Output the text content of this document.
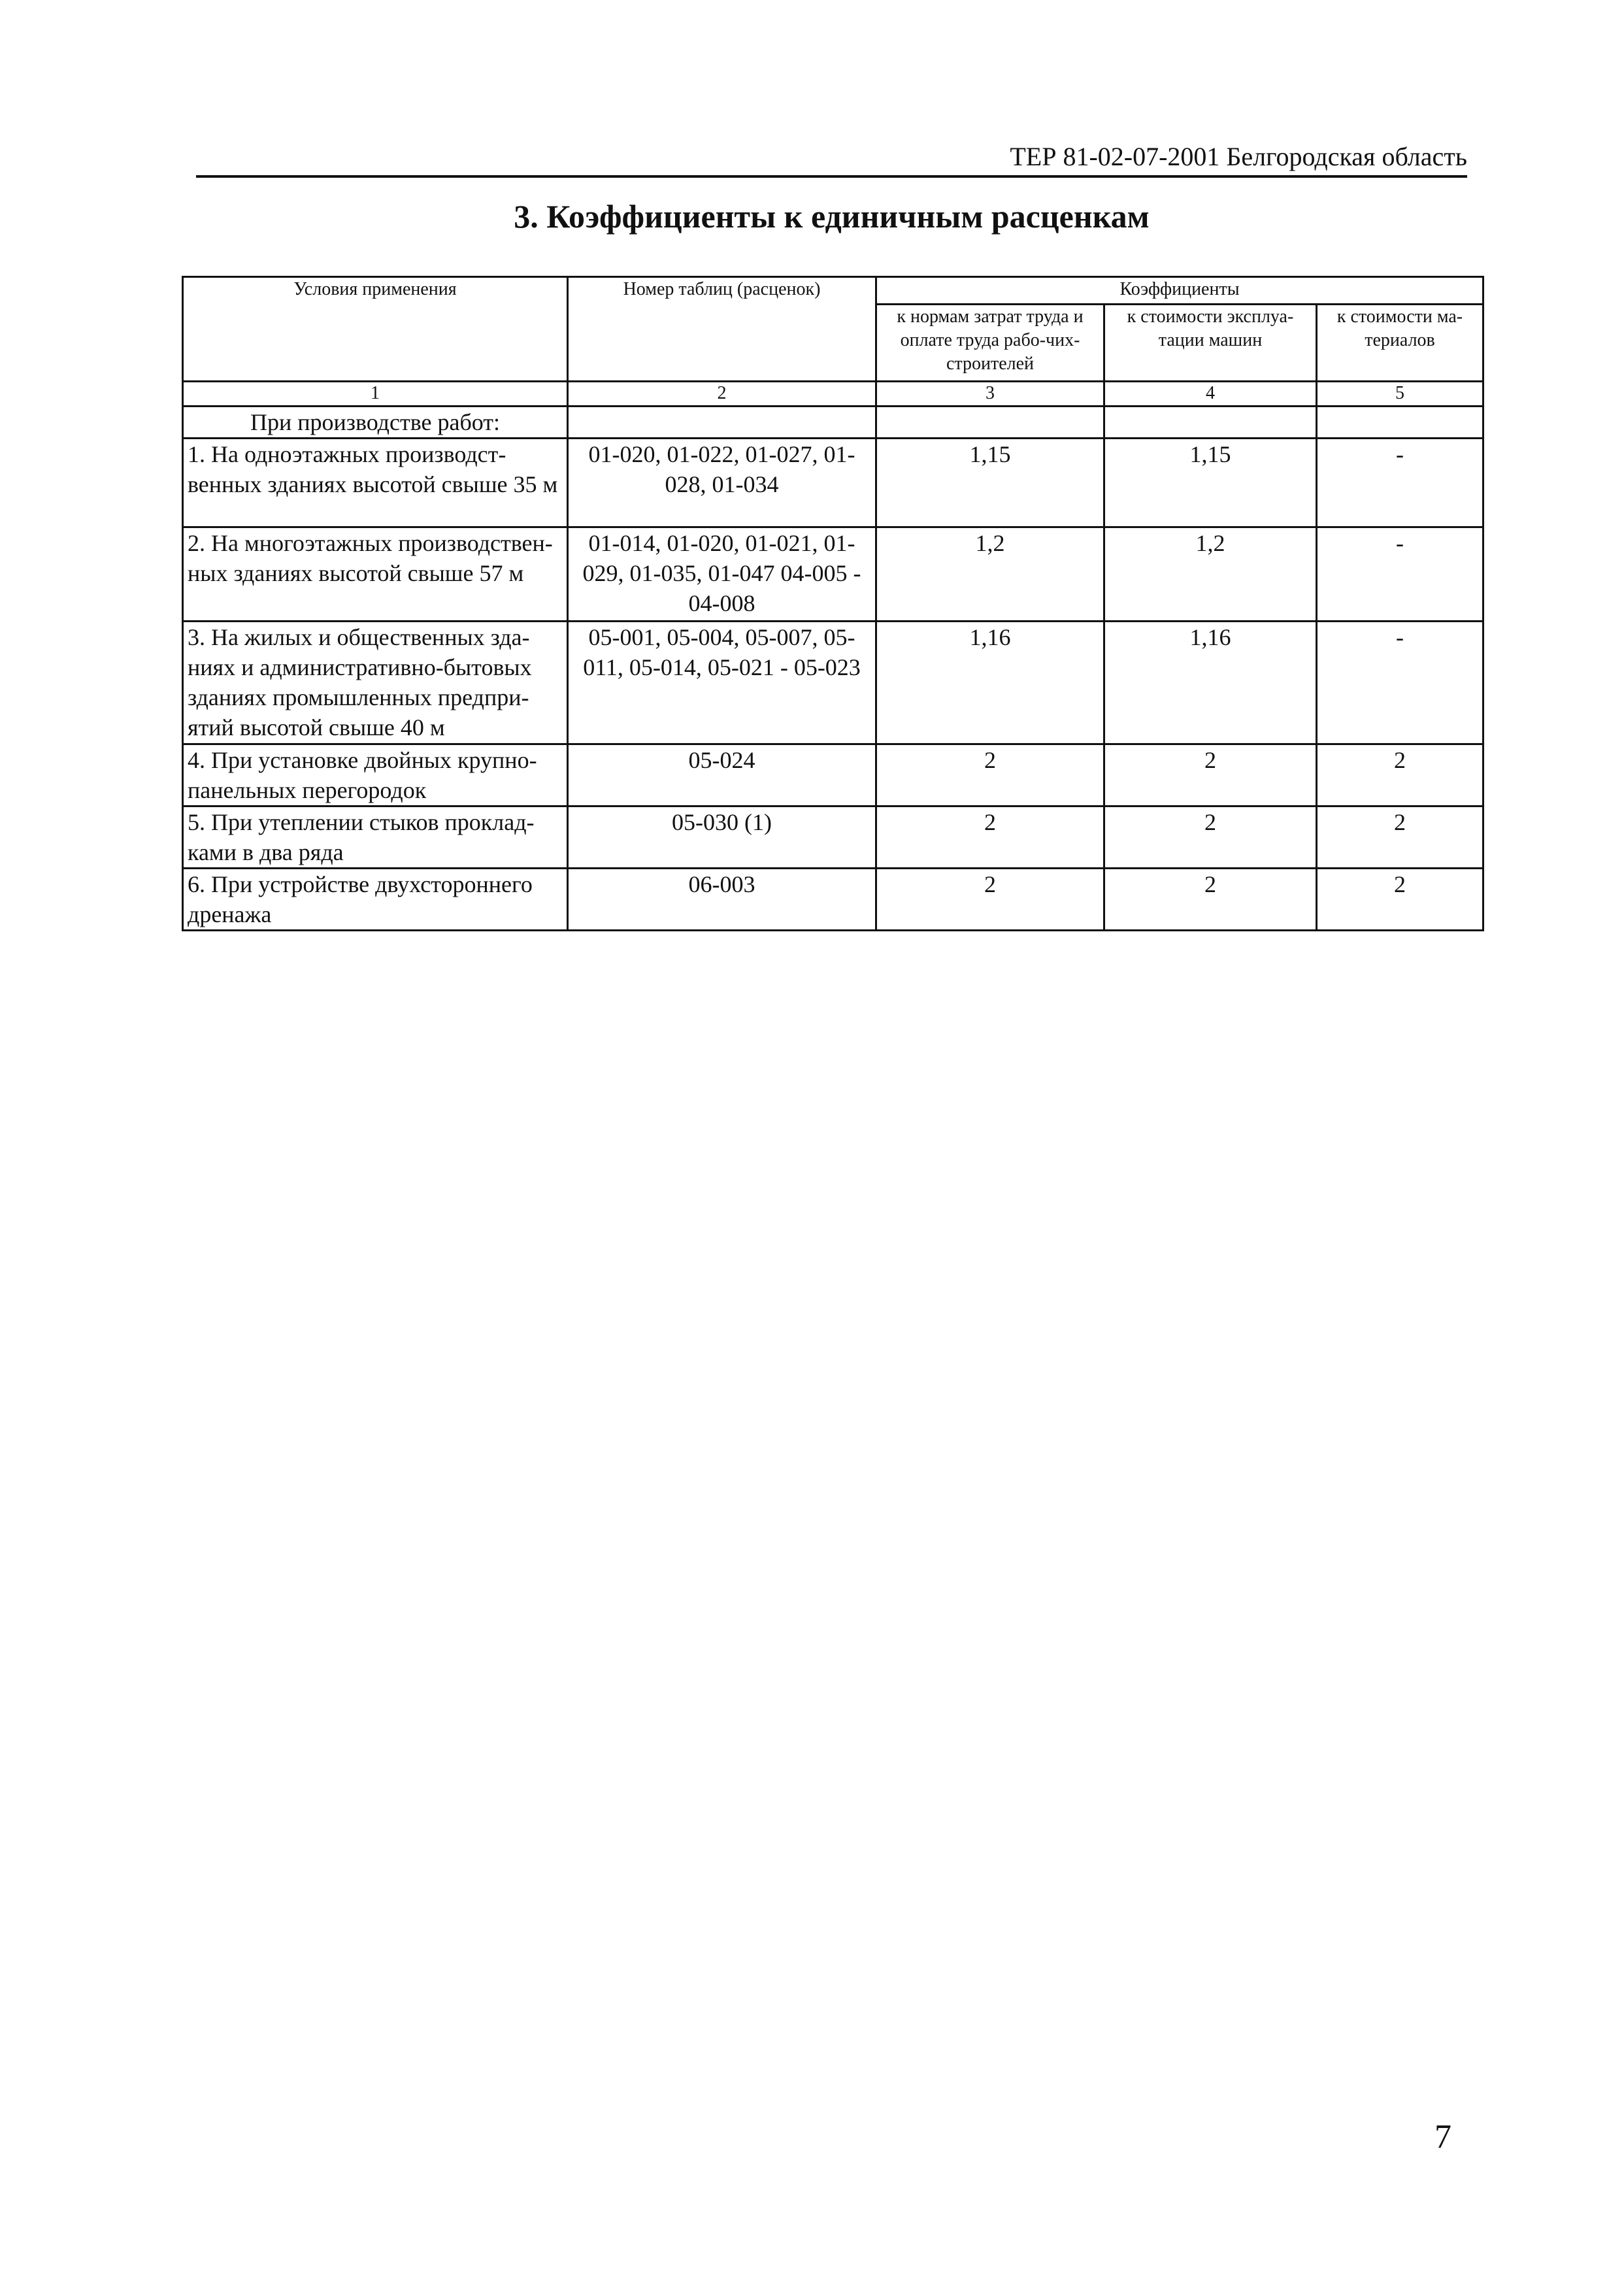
ТЕР 81-02-07-2001 Белгородская область
3. Коэффициенты к единичным расценкам
Условия применения	Номер таблиц (расценок)	Коэффициенты		
		к нормам затрат труда и оплате труда рабо-чих-строителей	к стоимости эксплуа-тации машин	к стоимости ма-териалов
1	2	3	4	5
При производстве работ:				
1. На одноэтажных производст-венных зданиях высотой свыше 35 м	01-020, 01-022, 01-027, 01-028, 01-034	1,15	1,15	-
2. На многоэтажных производствен-ных зданиях высотой свыше 57 м	01-014, 01-020, 01-021, 01-029, 01-035, 01-047 04-005 - 04-008	1,2	1,2	-
3. На жилых и общественных зда-ниях и административно-бытовых зданиях промышленных предпри-ятий высотой свыше 40 м	05-001, 05-004, 05-007, 05-011, 05-014, 05-021 - 05-023	1,16	1,16	-
4. При установке двойных крупно-панельных перегородок	05-024	2	2	2
5. При утеплении стыков проклад-ками в два ряда	05-030 (1)	2	2	2
6. При устройстве двухстороннего дренажа	06-003	2	2	2
7
